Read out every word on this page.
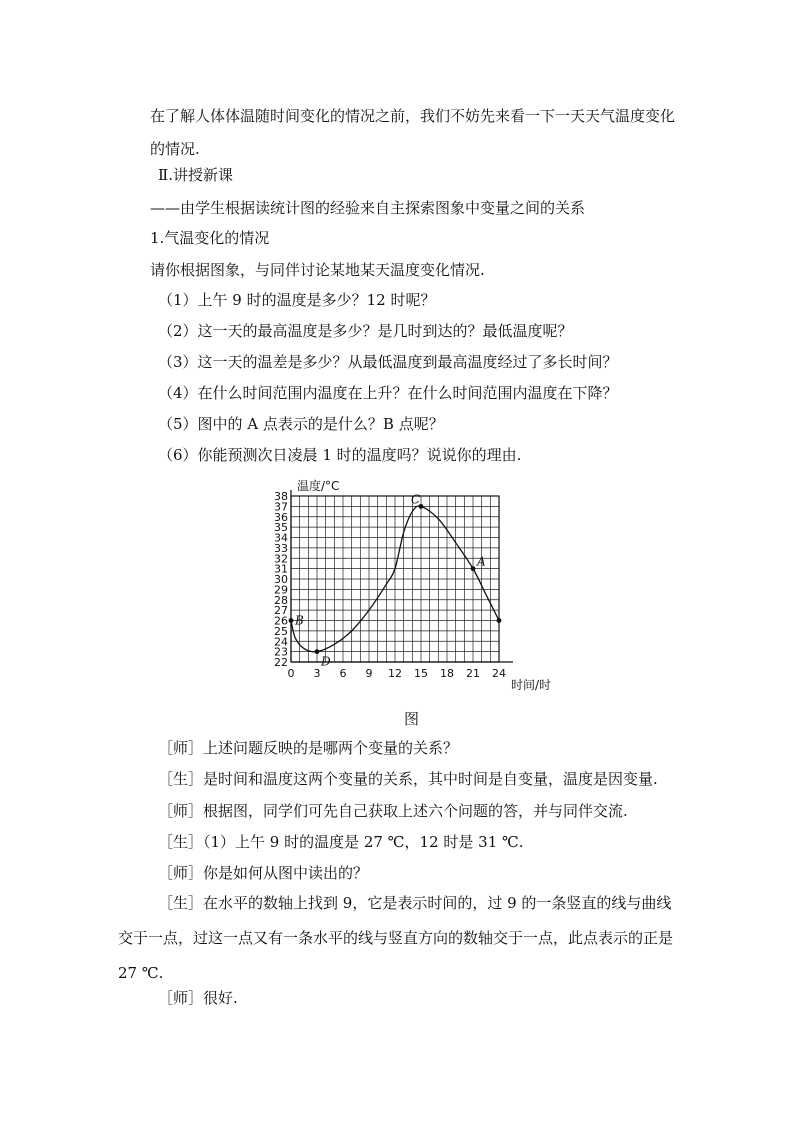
在了解人体体温随时间变化的情况之前，我们不妨先来看一下一天天气温度变化的情况.
Ⅱ.讲授新课
——由学生根据读统计图的经验来自主探索图象中变量之间的关系
1.气温变化的情况
请你根据图象，与同伴讨论某地某天温度变化情况.
（1）上午 9 时的温度是多少？12 时呢？
（2）这一天的最高温度是多少？是几时到达的？最低温度呢？
（3）这一天的温差是多少？从最低温度到最高温度经过了多长时间？
（4）在什么时间范围内温度在上升？在什么时间范围内温度在下降？
（5）图中的 A 点表示的是什么？B 点呢？
（6）你能预测次日凌晨 1 时的温度吗？说说你的理由.
22
23
24
25
26
27
28
29
30
31
32
33
34
35
36
37
38
0 3 6 9 12 15 18 21 24
B
D
C
A
温度/°C
时间/时
图
［师］上述问题反映的是哪两个变量的关系？
［生］是时间和温度这两个变量的关系，其中时间是自变量，温度是因变量.
［师］根据图，同学们可先自己获取上述六个问题的答，并与同伴交流.
［生］（1）上午 9 时的温度是 27 ℃，12 时是 31 ℃.
［师］你是如何从图中读出的？
［生］在水平的数轴上找到 9，它是表示时间的，过 9 的一条竖直的线与曲线交于一点，过这一点又有一条水平的线与竖直方向的数轴交于一点，此点表示的正是 27 ℃.
［师］很好.
